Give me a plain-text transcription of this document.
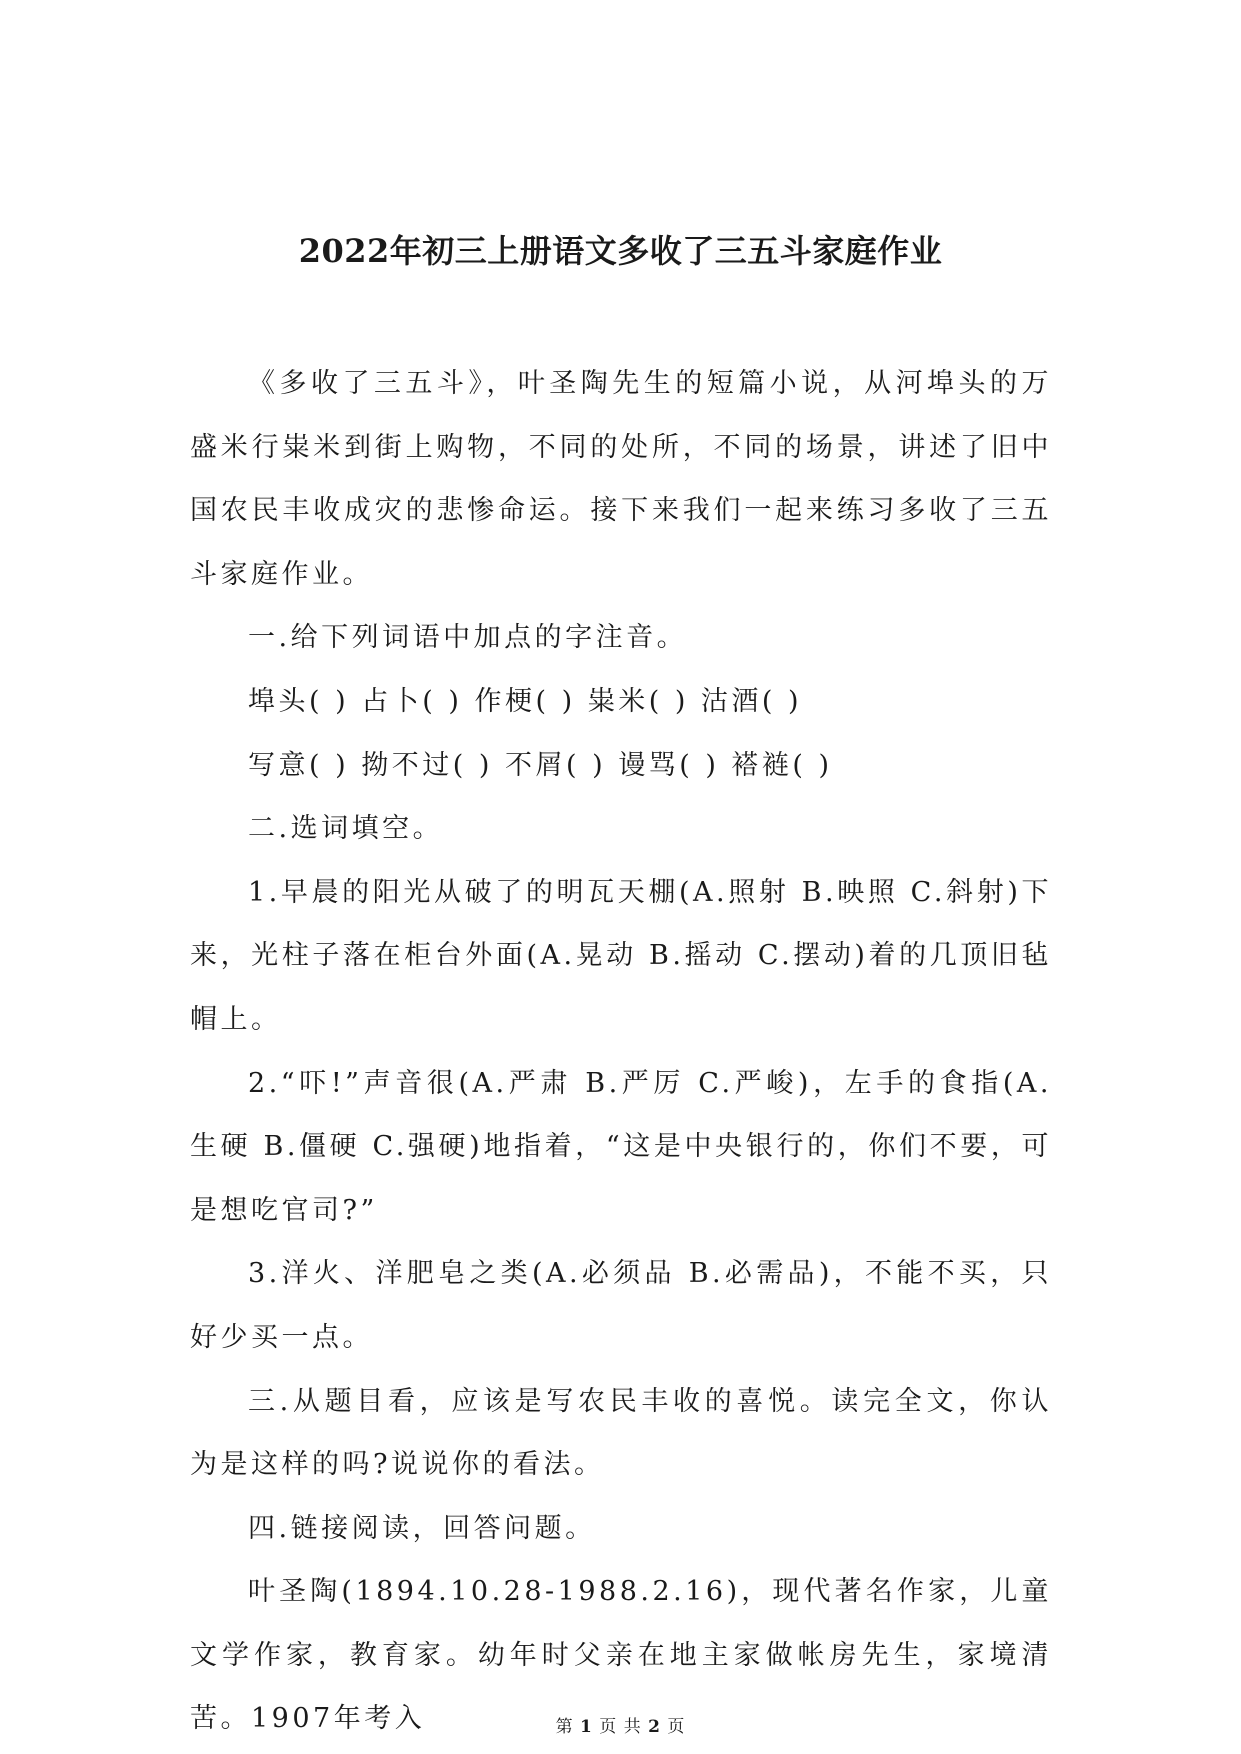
2022年初三上册语文多收了三五斗家庭作业

《多收了三五斗》，叶圣陶先生的短篇小说，从河埠头的万盛米行粜米到街上购物，不同的处所，不同的场景，讲述了旧中国农民丰收成灾的悲惨命运。接下来我们一起来练习多收了三五斗家庭作业。

一.给下列词语中加点的字注音。

埠头( ) 占卜( ) 作梗( ) 粜米( ) 沽酒( )

写意( ) 拗不过( ) 不屑( ) 谩骂( ) 褡裢( )

二.选词填空。

1.早晨的阳光从破了的明瓦天棚(A.照射 B.映照 C.斜射)下来，光柱子落在柜台外面(A.晃动 B.摇动 C.摆动)着的几顶旧毡帽上。

2.“吓!”声音很(A.严肃 B.严厉 C.严峻)，左手的食指(A.生硬 B.僵硬 C.强硬)地指着，“这是中央银行的，你们不要，可是想吃官司?”

3.洋火、洋肥皂之类(A.必须品 B.必需品)，不能不买，只好少买一点。

三.从题目看，应该是写农民丰收的喜悦。读完全文，你认为是这样的吗?说说你的看法。

四.链接阅读，回答问题。

叶圣陶(1894.10.28-1988.2.16)，现代著名作家，儿童文学作家，教育家。幼年时父亲在地主家做帐房先生，家境清苦。1907年考入	第 1 页 共 2 页
